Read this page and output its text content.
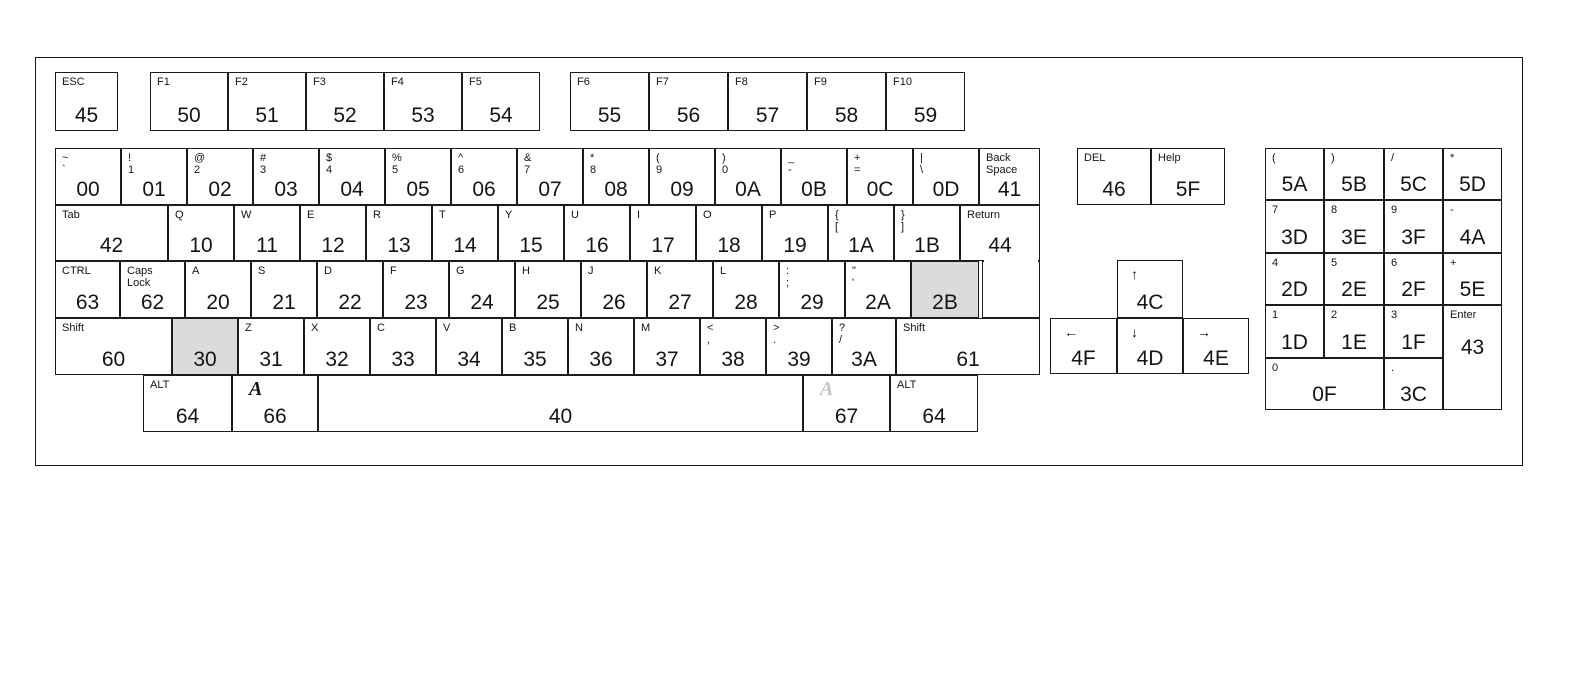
ESC
45
F1
50
F2
51
F3
52
F4
53
F5
54
F6
55
F7
56
F8
57
F9
58
F10
59
~
`
00
!
1
01
@
2
02
#
3
03
$
4
04
%
5
05
^
6
06
&
7
07
*
8
08
(
9
09
)
0
0A
_
-
0B
+
=
0C
|
\
0D
Back
Space
41
Tab
42
Q
10
W
11
E
12
R
13
T
14
Y
15
U
16
I
17
O
18
P
19
{
[
1A
}
]
1B
Return
44
CTRL
63
Caps
Lock
62
A
20
S
21
D
22
F
23
G
24
H
25
J
26
K
27
L
28
:
;
29
"
'
2A	2B
Shift
60	30
Z
31
X
32
C
33
V
34
B
35
N
36
M
37
<
,
38
>
.
39
?
/
3A
Shift
61
ALT
64
A
66	40
A
67
ALT
64
DEL
46
Help
5F
↑
4C
←
4F
↓
4D
→
4E
(
5A
)
5B
/
5C
*
5D
7
3D
8
3E
9
3F
-
4A
4
2D
5
2E
6
2F
+
5E
1
1D
2
1E
3
1F
Enter
43
0
0F
.
3C
